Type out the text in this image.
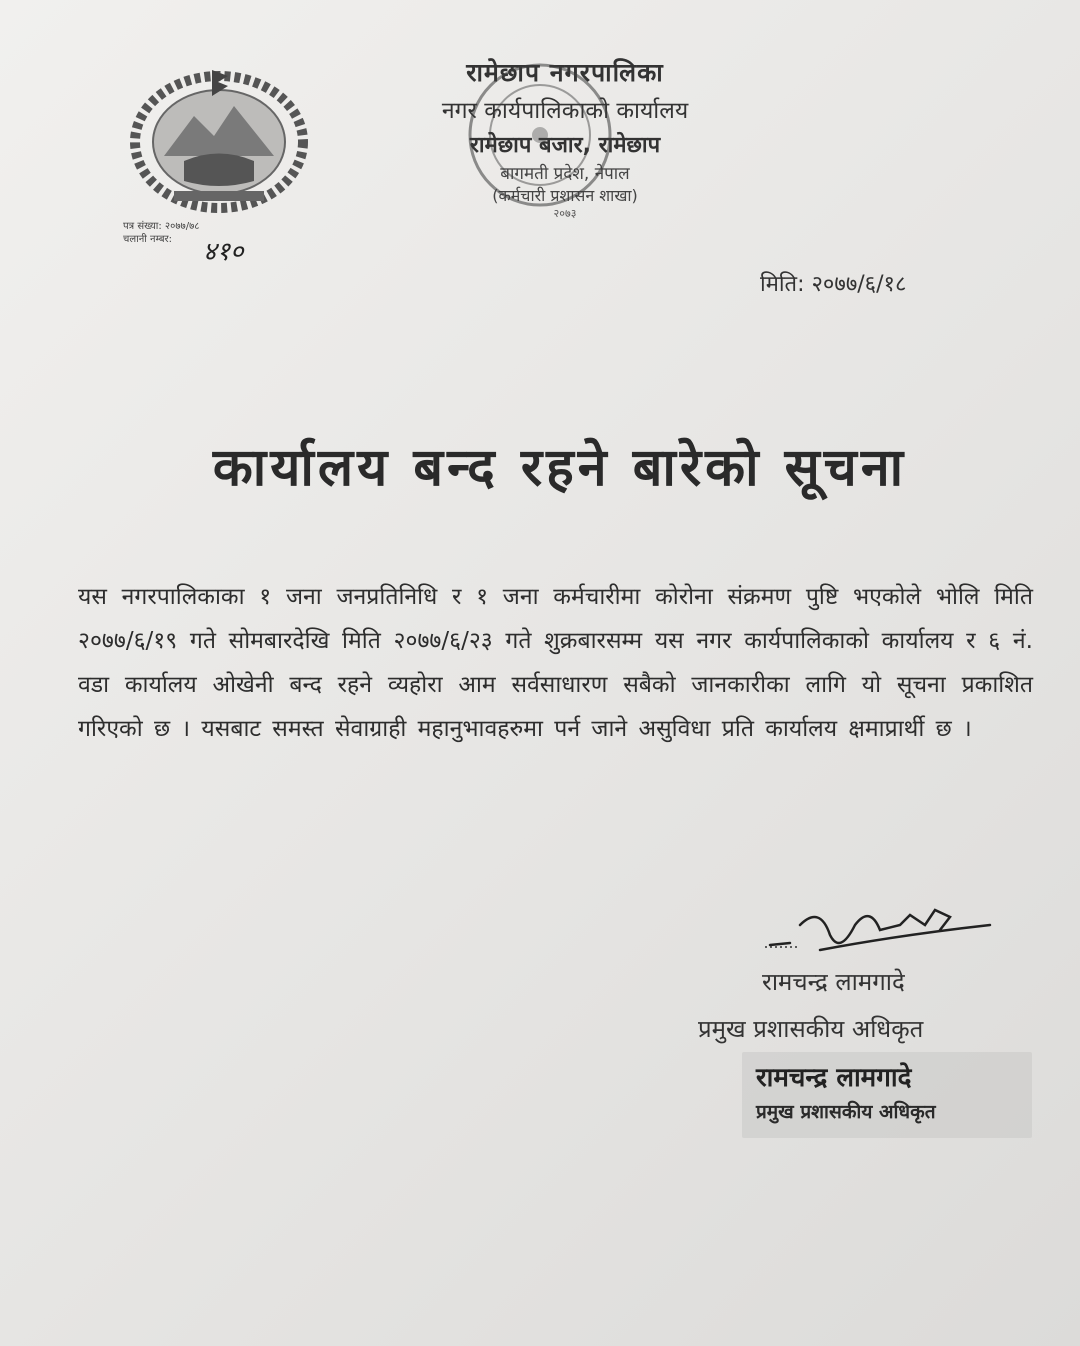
रामेछाप नगरपालिका
नगर कार्यपालिकाको कार्यालय
रामेछाप बजार, रामेछाप
बागमती प्रदेश, नेपाल
(कर्मचारी प्रशासन शाखा)
२०७३
पत्र संख्या: २०७७/७८
चलानी नम्बर:	४१०
मिति: २०७७/६/१८
कार्यालय बन्द रहने बारेको सूचना
यस नगरपालिकाका १ जना जनप्रतिनिधि र १ जना कर्मचारीमा कोरोना संक्रमण पुष्टि भएकोले भोलि मिति २०७७/६/१९ गते सोमबारदेखि मिति २०७७/६/२३ गते शुक्रबारसम्म यस नगर कार्यपालिकाको कार्यालय र ६ नं. वडा कार्यालय ओखेनी बन्द रहने व्यहोरा आम सर्वसाधारण सबैको जानकारीका लागि यो सूचना प्रकाशित गरिएको छ । यसबाट समस्त सेवाग्राही महानुभावहरुमा पर्न जाने असुविधा प्रति कार्यालय क्षमाप्रार्थी छ ।
रामचन्द्र लामगादे
प्रमुख प्रशासकीय अधिकृत
रामचन्द्र लामगादे
प्रमुख प्रशासकीय अधिकृत
